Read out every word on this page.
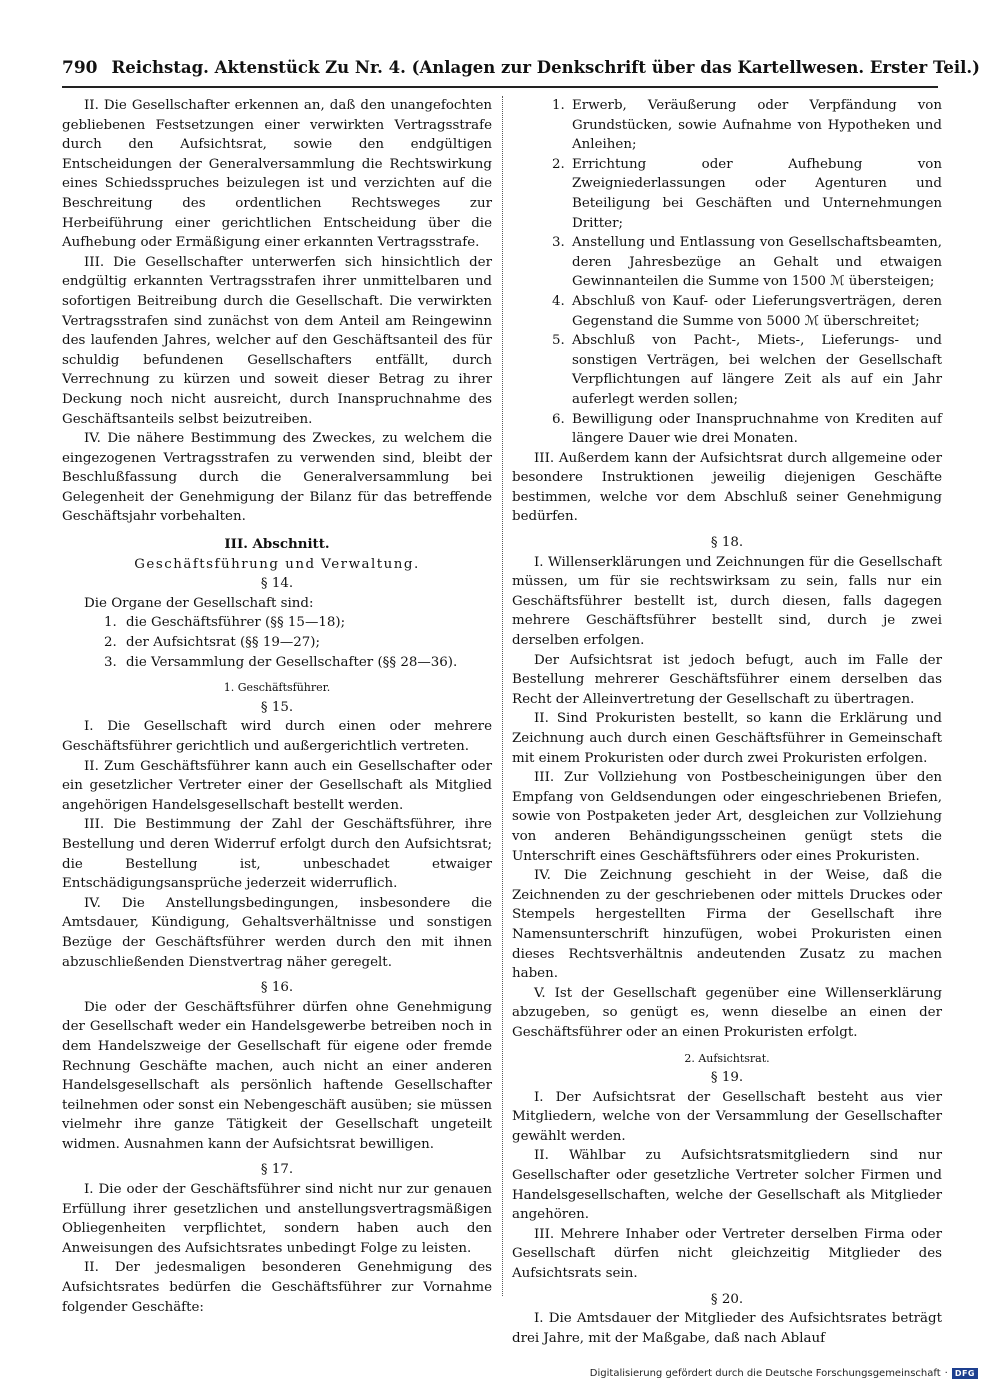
790 Reichstag. Aktenstück Zu Nr. 4. (Anlagen zur Denkschrift über das Kartellwesen. Erster Teil.)

II. Die Gesellschafter erkennen an, daß den unangefochten gebliebenen Festsetzungen einer verwirkten Vertragsstrafe durch den Aufsichtsrat, sowie den endgültigen Entscheidungen der Generalversammlung die Rechtswirkung eines Schiedsspruches beizulegen ist und verzichten auf die Beschreitung des ordentlichen Rechtsweges zur Herbeiführung einer gerichtlichen Entscheidung über die Aufhebung oder Ermäßigung einer erkannten Vertragsstrafe.

III. Die Gesellschafter unterwerfen sich hinsichtlich der endgültig erkannten Vertragsstrafen ihrer unmittelbaren und sofortigen Beitreibung durch die Gesellschaft. Die verwirkten Vertragsstrafen sind zunächst von dem Anteil am Reingewinn des laufenden Jahres, welcher auf den Geschäftsanteil des für schuldig befundenen Gesellschafters entfällt, durch Verrechnung zu kürzen und soweit dieser Betrag zu ihrer Deckung noch nicht ausreicht, durch Inanspruchnahme des Geschäftsanteils selbst beizutreiben.

IV. Die nähere Bestimmung des Zweckes, zu welchem die eingezogenen Vertragsstrafen zu verwenden sind, bleibt der Beschlußfassung durch die Generalversammlung bei Gelegenheit der Genehmigung der Bilanz für das betreffende Geschäftsjahr vorbehalten.

III. Abschnitt.

Geschäftsführung und Verwaltung.

§ 14.

Die Organe der Gesellschaft sind:

1. die Geschäftsführer (§§ 15—18);
2. der Aufsichtsrat (§§ 19—27);
3. die Versammlung der Gesellschafter (§§ 28—36).

1. Geschäftsführer.

§ 15.

I. Die Gesellschaft wird durch einen oder mehrere Geschäftsführer gerichtlich und außergerichtlich vertreten.

II. Zum Geschäftsführer kann auch ein Gesellschafter oder ein gesetzlicher Vertreter einer der Gesellschaft als Mitglied angehörigen Handelsgesellschaft bestellt werden.

III. Die Bestimmung der Zahl der Geschäftsführer, ihre Bestellung und deren Widerruf erfolgt durch den Aufsichtsrat; die Bestellung ist, unbeschadet etwaiger Entschädigungsansprüche jederzeit widerruflich.

IV. Die Anstellungsbedingungen, insbesondere die Amtsdauer, Kündigung, Gehaltsverhältnisse und sonstigen Bezüge der Geschäftsführer werden durch den mit ihnen abzuschließenden Dienstvertrag näher geregelt.

§ 16.

Die oder der Geschäftsführer dürfen ohne Genehmigung der Gesellschaft weder ein Handelsgewerbe betreiben noch in dem Handelszweige der Gesellschaft für eigene oder fremde Rechnung Geschäfte machen, auch nicht an einer anderen Handelsgesellschaft als persönlich haftende Gesellschafter teilnehmen oder sonst ein Nebengeschäft ausüben; sie müssen vielmehr ihre ganze Tätigkeit der Gesellschaft ungeteilt widmen. Ausnahmen kann der Aufsichtsrat bewilligen.

§ 17.

I. Die oder der Geschäftsführer sind nicht nur zur genauen Erfüllung ihrer gesetzlichen und anstellungsvertragsmäßigen Obliegenheiten verpflichtet, sondern haben auch den Anweisungen des Aufsichtsrates unbedingt Folge zu leisten.

II. Der jedesmaligen besonderen Genehmigung des Aufsichtsrates bedürfen die Geschäftsführer zur Vornahme folgender Geschäfte:

1. Erwerb, Veräußerung oder Verpfändung von Grundstücken, sowie Aufnahme von Hypotheken und Anleihen;
2. Errichtung oder Aufhebung von Zweigniederlassungen oder Agenturen und Beteiligung bei Geschäften und Unternehmungen Dritter;
3. Anstellung und Entlassung von Gesellschaftsbeamten, deren Jahresbezüge an Gehalt und etwaigen Gewinnanteilen die Summe von 1500 ℳ übersteigen;
4. Abschluß von Kauf- oder Lieferungsverträgen, deren Gegenstand die Summe von 5000 ℳ überschreitet;
5. Abschluß von Pacht-, Miets-, Lieferungs- und sonstigen Verträgen, bei welchen der Gesellschaft Verpflichtungen auf längere Zeit als auf ein Jahr auferlegt werden sollen;
6. Bewilligung oder Inanspruchnahme von Krediten auf längere Dauer wie drei Monaten.

III. Außerdem kann der Aufsichtsrat durch allgemeine oder besondere Instruktionen jeweilig diejenigen Geschäfte bestimmen, welche vor dem Abschluß seiner Genehmigung bedürfen.

§ 18.

I. Willenserklärungen und Zeichnungen für die Gesellschaft müssen, um für sie rechtswirksam zu sein, falls nur ein Geschäftsführer bestellt ist, durch diesen, falls dagegen mehrere Geschäftsführer bestellt sind, durch je zwei derselben erfolgen.

Der Aufsichtsrat ist jedoch befugt, auch im Falle der Bestellung mehrerer Geschäftsführer einem derselben das Recht der Alleinvertretung der Gesellschaft zu übertragen.

II. Sind Prokuristen bestellt, so kann die Erklärung und Zeichnung auch durch einen Geschäftsführer in Gemeinschaft mit einem Prokuristen oder durch zwei Prokuristen erfolgen.

III. Zur Vollziehung von Postbescheinigungen über den Empfang von Geldsendungen oder eingeschriebenen Briefen, sowie von Postpaketen jeder Art, desgleichen zur Vollziehung von anderen Behändigungsscheinen genügt stets die Unterschrift eines Geschäftsführers oder eines Prokuristen.

IV. Die Zeichnung geschieht in der Weise, daß die Zeichnenden zu der geschriebenen oder mittels Druckes oder Stempels hergestellten Firma der Gesellschaft ihre Namensunterschrift hinzufügen, wobei Prokuristen einen dieses Rechtsverhältnis andeutenden Zusatz zu machen haben.

V. Ist der Gesellschaft gegenüber eine Willenserklärung abzugeben, so genügt es, wenn dieselbe an einen der Geschäftsführer oder an einen Prokuristen erfolgt.

2. Aufsichtsrat.

§ 19.

I. Der Aufsichtsrat der Gesellschaft besteht aus vier Mitgliedern, welche von der Versammlung der Gesellschafter gewählt werden.

II. Wählbar zu Aufsichtsratsmitgliedern sind nur Gesellschafter oder gesetzliche Vertreter solcher Firmen und Handelsgesellschaften, welche der Gesellschaft als Mitglieder angehören.

III. Mehrere Inhaber oder Vertreter derselben Firma oder Gesellschaft dürfen nicht gleichzeitig Mitglieder des Aufsichtsrats sein.

§ 20.

I. Die Amtsdauer der Mitglieder des Aufsichtsrates beträgt drei Jahre, mit der Maßgabe, daß nach Ablauf

Digitalisierung gefördert durch die Deutsche Forschungsgemeinschaft · DFG
